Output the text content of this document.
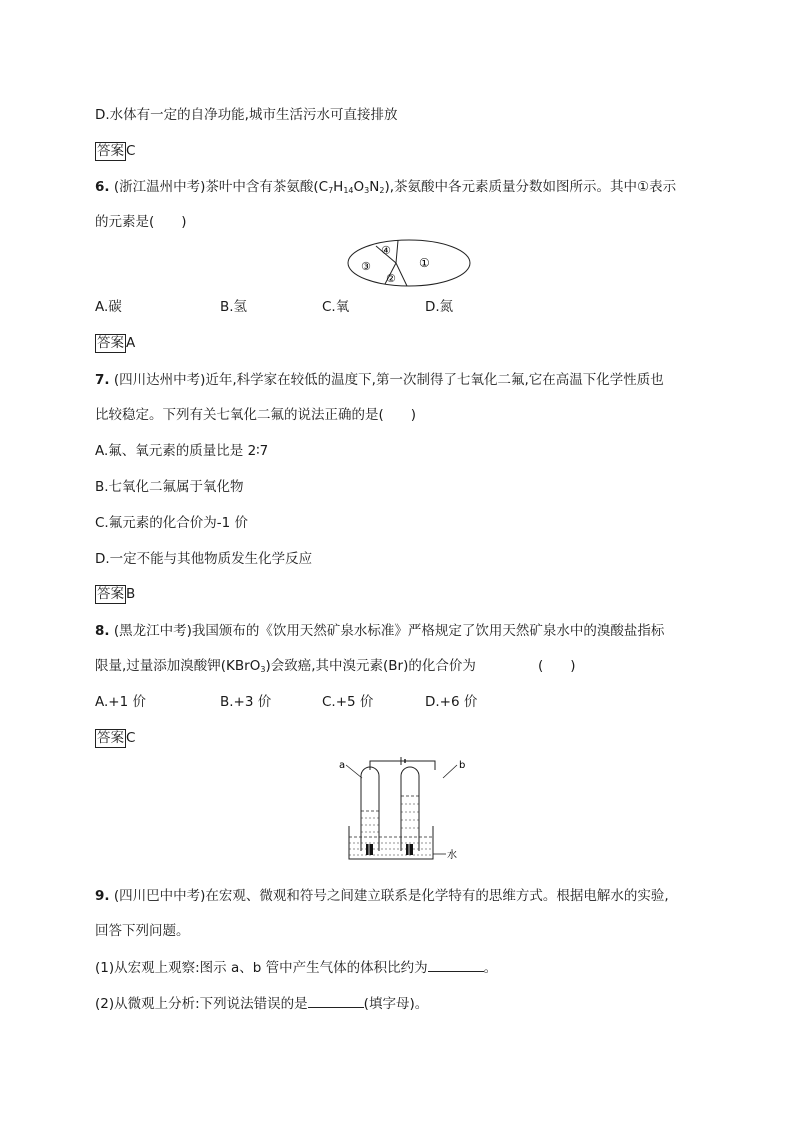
D.水体有一定的自净功能,城市生活污水可直接排放
答案 C
6. (浙江温州中考)茶叶中含有茶氨酸$(C_7H_{14}O_3N_2)$,茶氨酸中各元素质量分数如图所示。其中①表示
的元素是(　　)
①
②
③
④
A.碳	B.氢	C.氧	D.氮
答案 A
7. (四川达州中考)近年,科学家在较低的温度下,第一次制得了七氧化二氟,它在高温下化学性质也
比较稳定。下列有关七氧化二氟的说法正确的是(　　)
A.氟、氧元素的质量比是 2∶7
B.七氧化二氟属于氧化物
C.氟元素的化合价为-1 价
D.一定不能与其他物质发生化学反应
答案 B
8. (黑龙江中考)我国颁布的《饮用天然矿泉水标准》严格规定了饮用天然矿泉水中的溴酸盐指标
限量,过量添加溴酸钾(KBrO$_3$)会致癌,其中溴元素(Br)的化合价为	(　　)
A.+1 价	B.+3 价	C.+5 价	D.+6 价
答案 C
a	b
水
9. (四川巴中中考)在宏观、微观和符号之间建立联系是化学特有的思维方式。根据电解水的实验,
回答下列问题。
(1)从宏观上观察:图示 a、b 管中产生气体的体积比约为	。
(2)从微观上分析:下列说法错误的是	(填字母)。
